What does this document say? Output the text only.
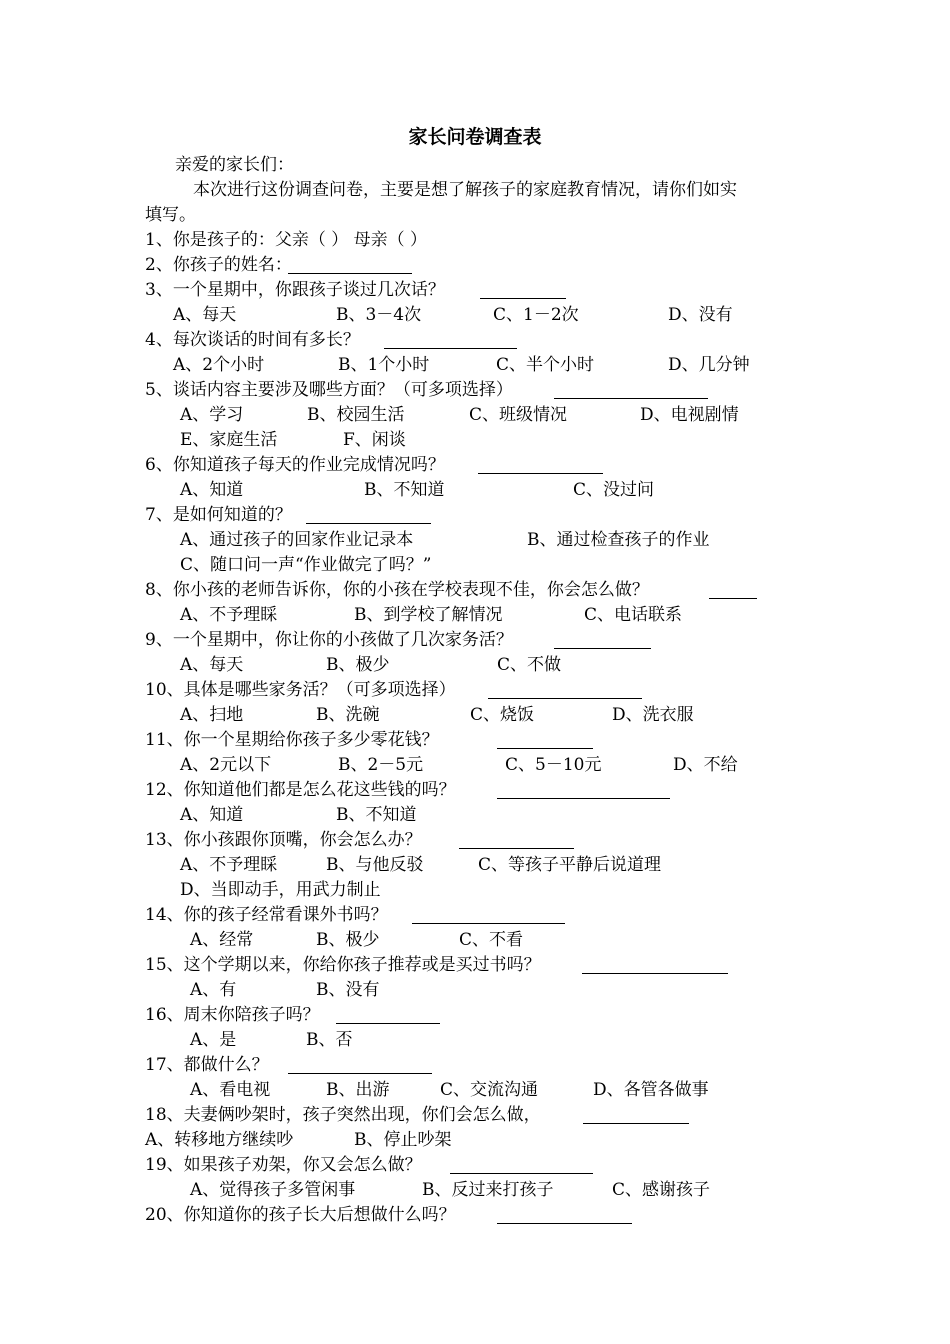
家长问卷调查表
亲爱的家长们：
本次进行这份调查问卷，主要是想了解孩子的家庭教育情况，请你们如实
填写。
1、你是孩子的：父亲（ ） 母亲（ ）
2、你孩子的姓名：
3、一个星期中，你跟孩子谈过几次话？
A、每天	B、3－4次	C、1－2次	D、没有
4、每次谈话的时间有多长？
A、2个小时	B、1个小时	C、半个小时	D、几分钟
5、谈话内容主要涉及哪些方面？（可多项选择）
A、学习	B、校园生活	C、班级情况	D、电视剧情
E、家庭生活	F、闲谈
6、你知道孩子每天的作业完成情况吗？
A、知道	B、不知道	C、没过问
7、是如何知道的？
A、通过孩子的回家作业记录本	B、通过检查孩子的作业
C、随口问一声“作业做完了吗？”
8、你小孩的老师告诉你，你的小孩在学校表现不佳，你会怎么做？
A、不予理睬	B、到学校了解情况	C、电话联系
9、一个星期中，你让你的小孩做了几次家务活？
A、每天	B、极少	C、不做
10、具体是哪些家务活？（可多项选择）
A、扫地	B、洗碗	C、烧饭	D、洗衣服
11、你一个星期给你孩子多少零花钱？
A、2元以下	B、2－5元	C、5－10元	D、不给
12、你知道他们都是怎么花这些钱的吗？
A、知道	B、不知道
13、你小孩跟你顶嘴，你会怎么办？
A、不予理睬	B、与他反驳	C、等孩子平静后说道理
D、当即动手，用武力制止
14、你的孩子经常看课外书吗？
A、经常	B、极少	C、不看
15、这个学期以来，你给你孩子推荐或是买过书吗？
A、有	B、没有
16、周末你陪孩子吗？
A、是	B、否
17、都做什么？
A、看电视	B、出游	C、交流沟通	D、各管各做事
18、夫妻俩吵架时，孩子突然出现，你们会怎么做，
A、转移地方继续吵	B、停止吵架
19、如果孩子劝架，你又会怎么做？
A、觉得孩子多管闲事	B、反过来打孩子	C、感谢孩子
20、你知道你的孩子长大后想做什么吗？
